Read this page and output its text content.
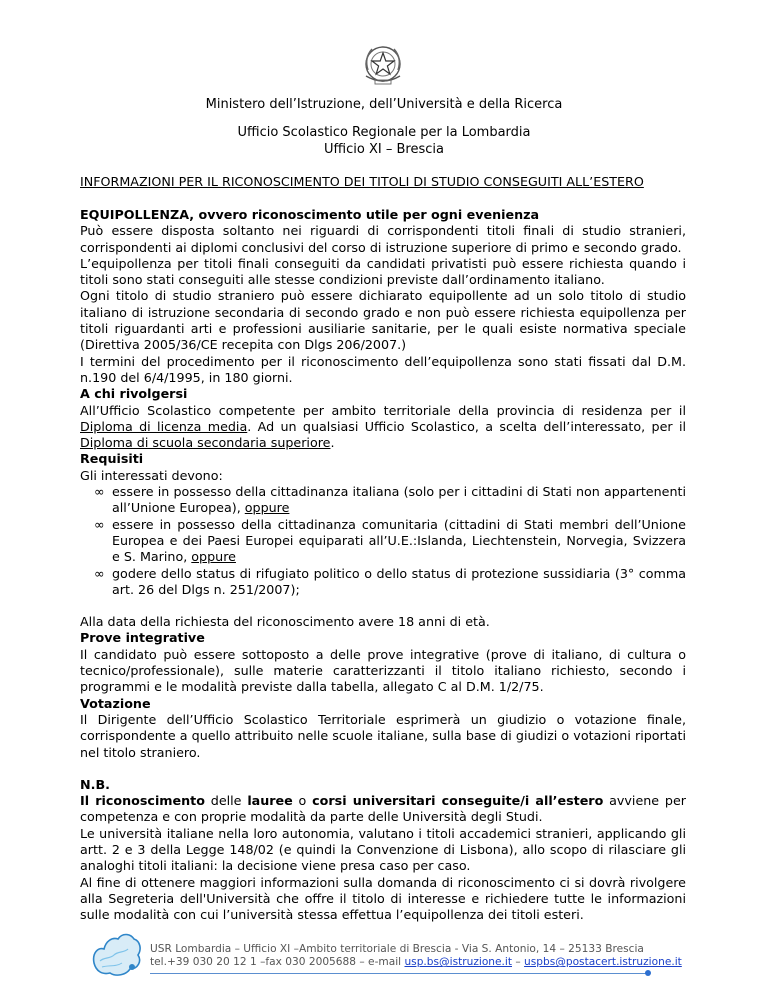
Ministero dell’Istruzione, dell’Università e della Ricerca
Ufficio Scolastico Regionale per la Lombardia
Ufficio XI – Brescia
INFORMAZIONI PER IL RICONOSCIMENTO DEI TITOLI DI STUDIO CONSEGUITI ALL’ESTERO
EQUIPOLLENZA, ovvero riconoscimento utile per ogni evenienza
Può essere disposta soltanto nei riguardi di corrispondenti titoli finali di studio stranieri, corrispondenti ai diplomi conclusivi del corso di istruzione superiore di primo e secondo grado.
L’equipollenza per titoli finali conseguiti da candidati privatisti può essere richiesta quando i titoli sono stati conseguiti alle stesse condizioni previste dall’ordinamento italiano.
Ogni titolo di studio straniero può essere dichiarato equipollente ad un solo titolo di studio italiano di istruzione secondaria di secondo grado e non può essere richiesta equipollenza per titoli riguardanti arti e professioni ausiliarie sanitarie, per le quali esiste normativa speciale (Direttiva 2005/36/CE recepita con Dlgs 206/2007.)
I termini del procedimento per il riconoscimento dell’equipollenza sono stati fissati dal D.M. n.190 del 6/4/1995, in 180 giorni.
A chi rivolgersi
All’Ufficio Scolastico competente per ambito territoriale della provincia di residenza per il Diploma di licenza media. Ad un qualsiasi Ufficio Scolastico, a scelta dell’interessato, per il Diploma di scuola secondaria superiore.
Requisiti
Gli interessati devono:
∞ essere in possesso della cittadinanza italiana (solo per i cittadini di Stati non appartenenti all’Unione Europea), oppure
∞ essere in possesso della cittadinanza comunitaria (cittadini di Stati membri dell’Unione Europea e dei Paesi Europei equiparati all’U.E.:Islanda, Liechtenstein, Norvegia, Svizzera e S. Marino, oppure
∞ godere dello status di rifugiato politico o dello status di protezione sussidiaria (3° comma art. 26 del Dlgs n. 251/2007);
Alla data della richiesta del riconoscimento avere 18 anni di età.
Prove integrative
Il candidato può essere sottoposto a delle prove integrative (prove di italiano, di cultura o tecnico/professionale), sulle materie caratterizzanti il titolo italiano richiesto, secondo i programmi e le modalità previste dalla tabella, allegato C al D.M. 1/2/75.
Votazione
Il Dirigente dell’Ufficio Scolastico Territoriale esprimerà un giudizio o votazione finale, corrispondente a quello attribuito nelle scuole italiane, sulla base di giudizi o votazioni riportati nel titolo straniero.
N.B.
Il riconoscimento delle lauree o corsi universitari conseguite/i all’estero avviene per competenza e con proprie modalità da parte delle Università degli Studi.
Le università italiane nella loro autonomia, valutano i titoli accademici stranieri, applicando gli artt. 2 e 3 della Legge 148/02 (e quindi la Convenzione di Lisbona), allo scopo di rilasciare gli analoghi titoli italiani: la decisione viene presa caso per caso.
Al fine di ottenere maggiori informazioni sulla domanda di riconoscimento ci si dovrà rivolgere alla Segreteria dell'Università che offre il titolo di interesse e richiedere tutte le informazioni sulle modalità con cui l’università stessa effettua l’equipollenza dei titoli esteri.
USR Lombardia – Ufficio XI –Ambito territoriale di Brescia - Via S. Antonio, 14 – 25133 Brescia
tel.+39 030 20 12 1 –fax 030 2005688 – e-mail usp.bs@istruzione.it – uspbs@postacert.istruzione.it
